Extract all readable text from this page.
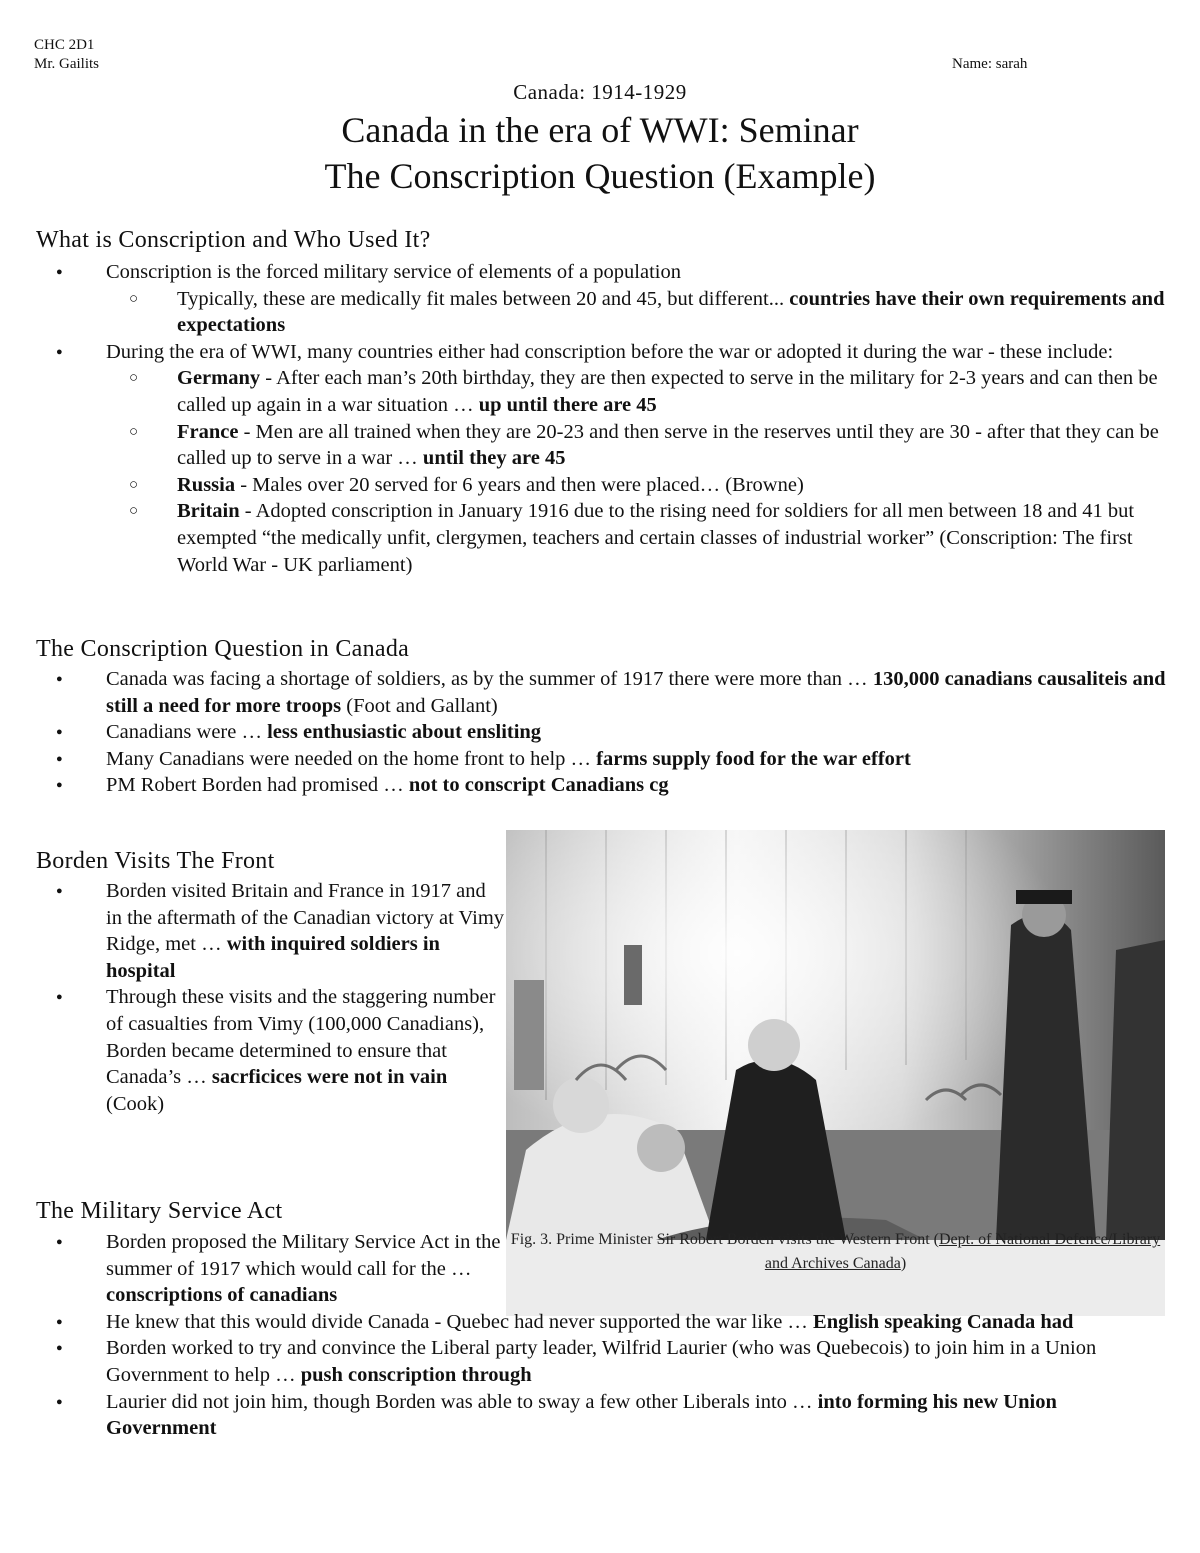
CHC 2D1
Mr. Gailits	Name: sarah
Canada: 1914-1929
Canada in the era of WWI: Seminar
The Conscription Question (Example)
What is Conscription and Who Used It?
● Conscription is the forced military service of elements of a population
○ Typically, these are medically fit males between 20 and 45, but different... countries have their own requirements and expectations
● During the era of WWI, many countries either had conscription before the war or adopted it during the war - these include:
○ Germany - After each man’s 20th birthday, they are then expected to serve in the military for 2-3 years and can then be called up again in a war situation … up until there are 45
○ France - Men are all trained when they are 20-23 and then serve in the reserves until they are 30 - after that they can be called up to serve in a war … until they are 45
○ Russia - Males over 20 served for 6 years and then were placed… (Browne)
○ Britain - Adopted conscription in January 1916 due to the rising need for soldiers for all men between 18 and 41 but exempted “the medically unfit, clergymen, teachers and certain classes of industrial worker” (Conscription: The first World War - UK parliament)
The Conscription Question in Canada
● Canada was facing a shortage of soldiers, as by the summer of 1917 there were more than … 130,000 canadians causaliteis and still a need for more troops (Foot and Gallant)
● Canadians were … less enthusiastic about ensliting
● Many Canadians were needed on the home front to help … farms supply food for the war effort
● PM Robert Borden had promised … not to conscript Canadians cg
Borden Visits The Front
● Borden visited Britain and France in 1917 and in the aftermath of the Canadian victory at Vimy Ridge, met … with inquired soldiers in hospital
● Through these visits and the staggering number of casualties from Vimy (100,000 Canadians), Borden became determined to ensure that Canada’s … sacrficices were not in vain (Cook)
Fig. 3. Prime Minister Sir Robert Borden visits the Western Front (Dept. of National Defence/Library and Archives Canada)
The Military Service Act
● Borden proposed the Military Service Act in the summer of 1917 which would call for the … conscriptions of canadians
● He knew that this would divide Canada - Quebec had never supported the war like … English speaking Canada had
● Borden worked to try and convince the Liberal party leader, Wilfrid Laurier (who was Quebecois) to join him in a Union Government to help … push conscription through
● Laurier did not join him, though Borden was able to sway a few other Liberals into … into forming his new Union Government
